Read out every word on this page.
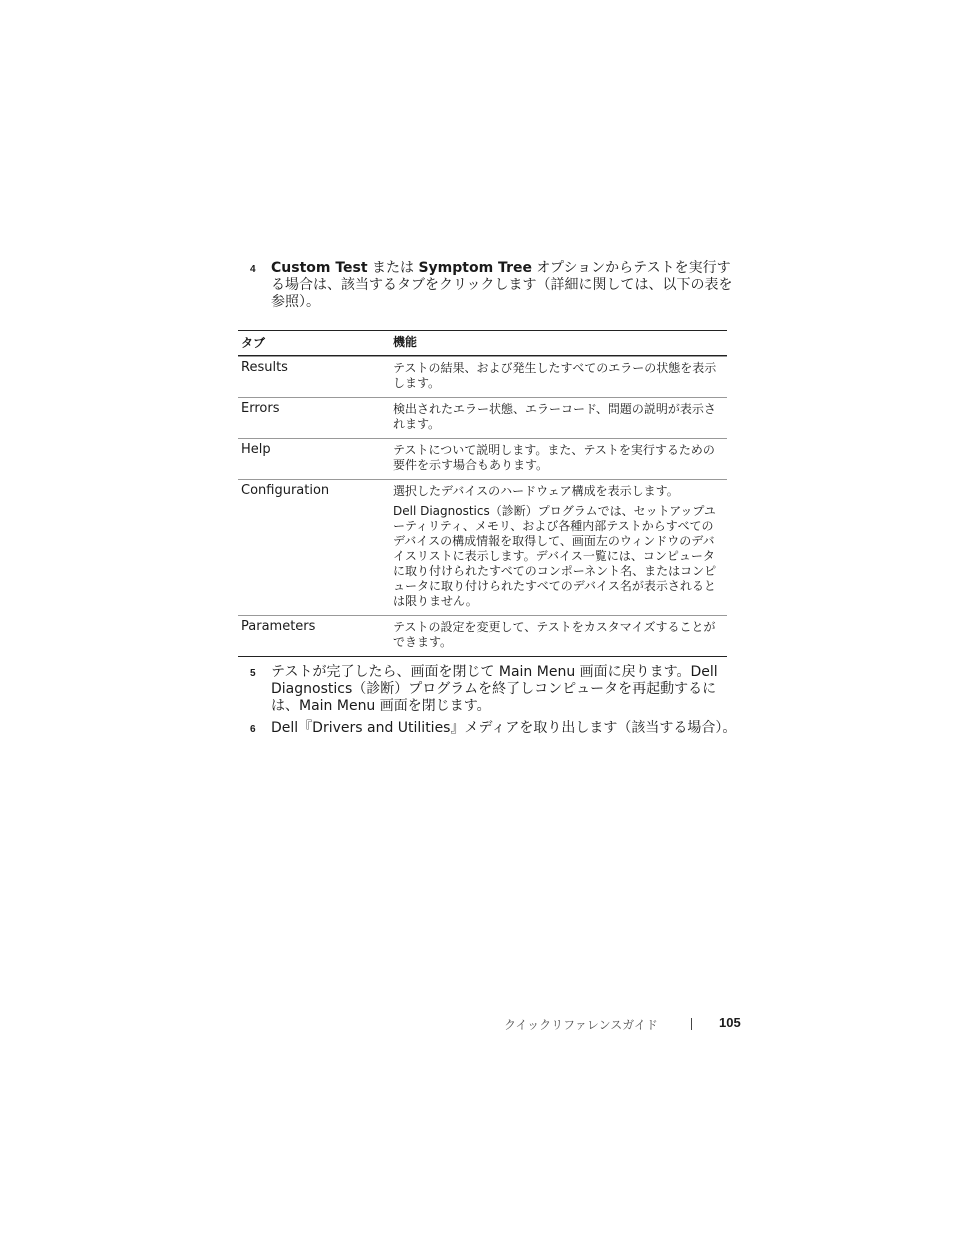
4 Custom Test または Symptom Tree オプションからテストを実行する場合は、該当するタブをクリックします（詳細に関しては、以下の表を参照）。
タブ	機能
Results	テストの結果、および発生したすべてのエラーの状態を表示します。

Errors	検出されたエラー状態、エラーコード、問題の説明が表示されます。

Help	テストについて説明します。また、テストを実行するための要件を示す場合もあります。

Configuration	選択したデバイスのハードウェア構成を表示します。

Dell Diagnostics（診断）プログラムでは、セットアップユーティリティ、メモリ、および各種内部テストからすべてのデバイスの構成情報を取得して、画面左のウィンドウのデバイスリストに表示します。デバイス一覧には、コンピュータに取り付けられたすべてのコンポーネント名、またはコンピュータに取り付けられたすべてのデバイス名が表示されるとは限りません。

Parameters	テストの設定を変更して、テストをカスタマイズすることができます。

5 テストが完了したら、画面を閉じて Main Menu 画面に戻ります。Dell Diagnostics（診断）プログラムを終了しコンピュータを再起動するには、Main Menu 画面を閉じます。
6 Dell『Drivers and Utilities』メディアを取り出します（該当する場合）。
クイックリファレンスガイド	105
